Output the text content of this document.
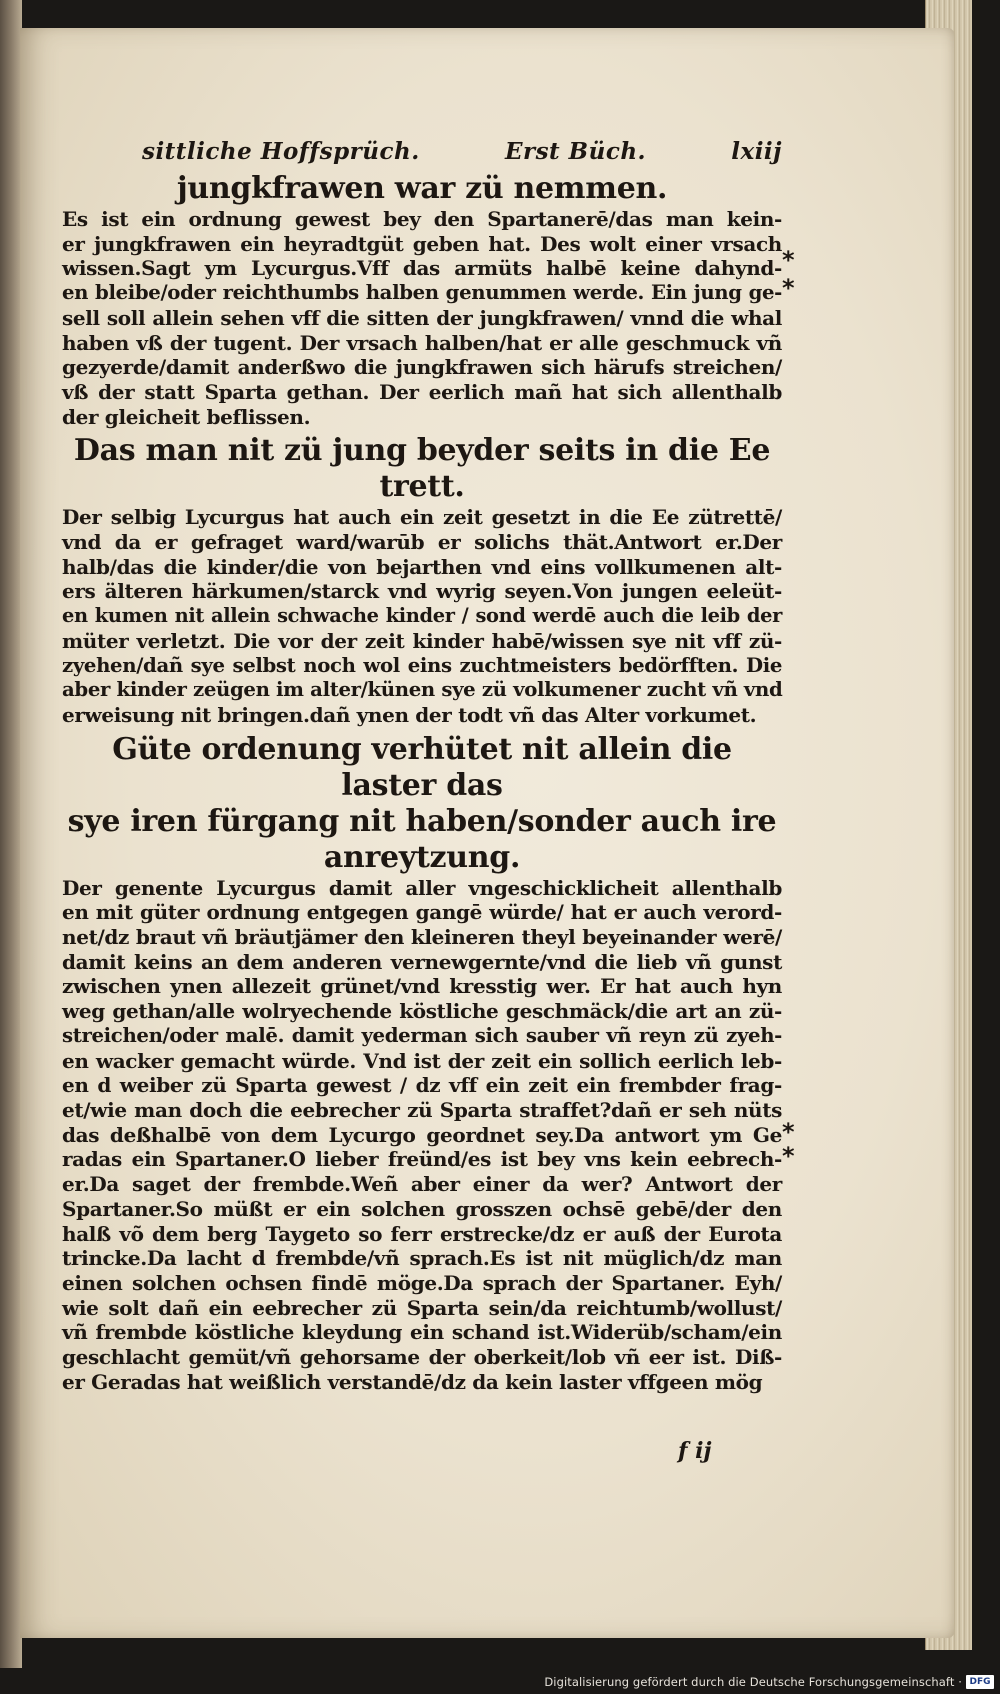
sittliche Hoffsprüch.	Erst Büch.	lxiij
jungkfrawen war zü nemmen.
Es ist ein ordnung gewest bey den Spartanerē/das man kein-
er jungkfrawen ein heyradtgüt geben hat. Des wolt einer vrsach
wissen.Sagt ym Lycurgus.Vff das armüts halbē keine dahynd-
en bleibe/oder reichthumbs halben genummen werde. Ein jung ge-
sell soll allein sehen vff die sitten der jungkfrawen/ vnnd die whal
haben vß der tugent. Der vrsach halben/hat er alle geschmuck vñ
gezyerde/damit anderßwo die jungkfrawen sich härufs streichen/
vß der statt Sparta gethan. Der eerlich mañ hat sich allenthalb
der gleicheit beflissen.
Das man nit zü jung beyder seits in die Ee trett.
Der selbig Lycurgus hat auch ein zeit gesetzt in die Ee zütrettē/
vnd da er gefraget ward/warūb er solichs thät.Antwort er.Der
halb/das die kinder/die von bejarthen vnd eins vollkumenen alt-
ers älteren härkumen/starck vnd wyrig seyen.Von jungen eeleüt-
en kumen nit allein schwache kinder / sond werdē auch die leib der
müter verletzt. Die vor der zeit kinder habē/wissen sye nit vff zü-
zyehen/dañ sye selbst noch wol eins zuchtmeisters bedörfften. Die
aber kinder zeügen im alter/künen sye zü volkumener zucht vñ vnd
erweisung nit bringen.dañ ynen der todt vñ das Alter vorkumet.
Güte ordenung verhütet nit allein die laster das
sye iren fürgang nit haben/sonder auch ire
anreytzung.
Der genente Lycurgus damit aller vngeschicklicheit allenthalb
en mit güter ordnung entgegen gangē würde/ hat er auch verord-
net/dz braut vñ bräutjämer den kleineren theyl beyeinander werē/
damit keins an dem anderen vernewgernte/vnd die lieb vñ gunst
zwischen ynen allezeit grünet/vnd kresstig wer. Er hat auch hyn
weg gethan/alle wolryechende köstliche geschmäck/die art an zü-
streichen/oder malē. damit yederman sich sauber vñ reyn zü zyeh-
en wacker gemacht würde. Vnd ist der zeit ein sollich eerlich leb-
en d weiber zü Sparta gewest / dz vff ein zeit ein frembder frag-
et/wie man doch die eebrecher zü Sparta straffet?dañ er seh nüts
das deßhalbē von dem Lycurgo geordnet sey.Da antwort ym Ge
radas ein Spartaner.O lieber freünd/es ist bey vns kein eebrech-
er.Da saget der frembde.Weñ aber einer da wer? Antwort der
Spartaner.So müßt er ein solchen grosszen ochsē gebē/der den
halß võ dem berg Taygeto so ferr erstrecke/dz er auß der Eurota
trincke.Da lacht d frembde/vñ sprach.Es ist nit müglich/dz man
einen solchen ochsen findē möge.Da sprach der Spartaner. Eyh/
wie solt dañ ein eebrecher zü Sparta sein/da reichtumb/wollust/
vñ frembde köstliche kleydung ein schand ist.Widerüb/scham/ein
geschlacht gemüt/vñ gehorsame der oberkeit/lob vñ eer ist. Diß-
er Geradas hat weißlich verstandē/dz da kein laster vffgeen mög
*
*
*
*
f ij
Digitalisierung gefördert durch die Deutsche Forschungsgemeinschaft · DFG
